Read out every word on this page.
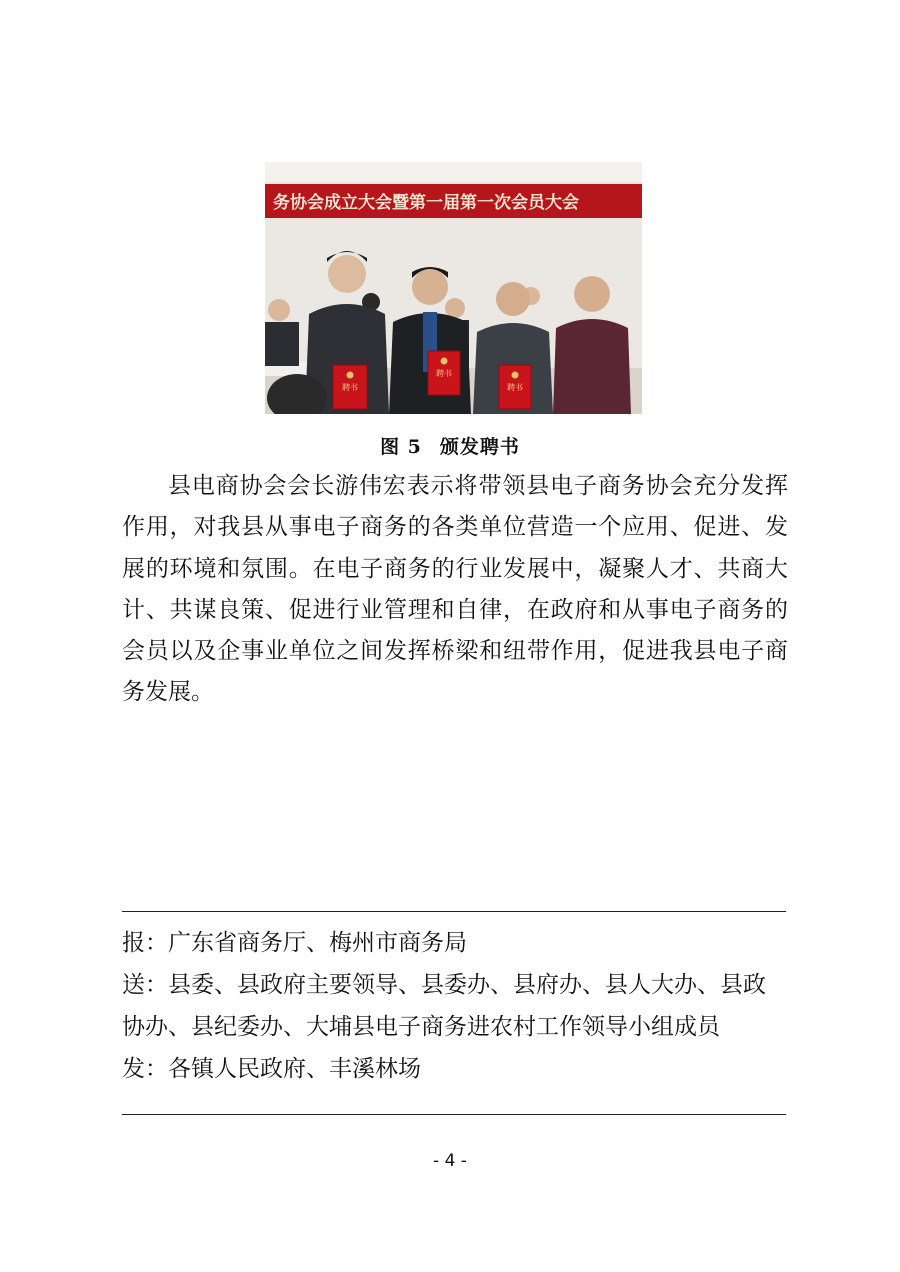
务协会成立大会暨第一届第一次会员大会
聘书
聘书
聘书
图 5 颁发聘书

县电商协会会长游伟宏表示将带领县电子商务协会充分发挥作用，对我县从事电子商务的各类单位营造一个应用、促进、发展的环境和氛围。在电子商务的行业发展中，凝聚人才、共商大计、共谋良策、促进行业管理和自律，在政府和从事电子商务的会员以及企事业单位之间发挥桥梁和纽带作用，促进我县电子商务发展。

报：广东省商务厅、梅州市商务局

送：县委、县政府主要领导、县委办、县府办、县人大办、县政协办、县纪委办、大埔县电子商务进农村工作领导小组成员

发：各镇人民政府、丰溪林场

- 4 -
